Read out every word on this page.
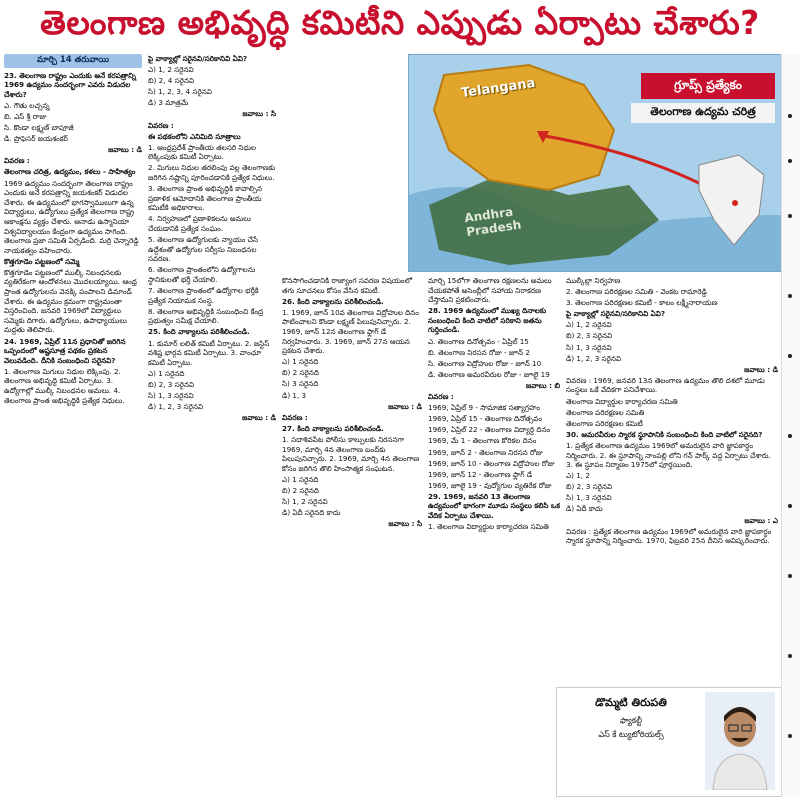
తెలంగాణ అభివృద్ధి కమిటీని ఎప్పుడు ఏర్పాటు చేశారు?
మార్చి 14 తరువాయి

23. తెలంగాణ రాష్ట్రం ఎందుకు అనే కరపత్రాన్ని 1969 ఉద్యమం సందర్భంగా ఎవరు విడుదల చేశారు?

ఎ. గౌతు లచ్చన్న

బి. ఎస్ శ్రీ రాజు

సి. కొండా లక్ష్మణ్ బాపూజీ

డి. ప్రొఫెసర్ జయశంకర్

జవాబు : డి

వివరణ :

తెలంగాణ చరిత్ర, ఉద్యమం, కళలు - సాహిత్యం

1969 ఉద్యమం సందర్భంగా తెలంగాణ రాష్ట్రం ఎందుకు అనే కరపత్రాన్ని జయశంకర్ విడుదల చేశారు. ఈ ఉద్యమంలో భాగస్వాములుగా ఉన్న విద్యార్థులు, ఉద్యోగులు ప్రత్యేక తెలంగాణ రాష్ట్ర ఆకాంక్షను వ్యక్తం చేశారు. ఆనాడు ఉస్మానియా విశ్వవిద్యాలయం కేంద్రంగా ఉద్యమం సాగింది. తెలంగాణ ప్రజా సమితి ఏర్పడింది. మర్రి చెన్నారెడ్డి నాయకత్వం వహించారు.

కొత్తగూడెం పట్టణంలో సమ్మె

కొత్తగూడెం పట్టణంలో ముల్కీ నిబంధనలకు వ్యతిరేకంగా ఆందోళనలు మొదలయ్యాయి. ఆంధ్ర ప్రాంత ఉద్యోగులను వెనక్కి పంపాలని డిమాండ్ చేశారు. ఈ ఉద్యమం క్రమంగా రాష్ట్రమంతా విస్తరించింది. జనవరి 1969లో విద్యార్థులు సమ్మెకు దిగారు. ఉద్యోగులు, ఉపాధ్యాయులు మద్దతు తెలిపారు.

24. 1969, ఏప్రిల్ 11న ప్రధానితో జరిగిన ఒప్పందంలో అష్టసూత్ర పథకం ప్రకటన వెలువడింది. దీనికి సంబంధించి సరైనవి?

1. తెలంగాణ మిగులు నిధుల లెక్కింపు. 2. తెలంగాణ అభివృద్ధి కమిటీ ఏర్పాటు. 3. ఉద్యోగాల్లో ముల్కీ నిబంధనల అమలు. 4. తెలంగాణ ప్రాంత అభివృద్ధికి ప్రత్యేక నిధులు.

పై వాక్యాల్లో సరైనవి/సరికానివి ఏవి?

ఎ) 1, 2 సరైనవి

బి) 2, 4 సరైనవి

సి) 1, 2, 3, 4 సరైనవి

డి) 3 మాత్రమే

జవాబు : సి

వివరణ :

ఈ పథకంలోని ఎనిమిది సూత్రాలు

1. ఆంధ్రప్రదేశ్ ప్రాంతీయ తలసరి నిధుల లెక్కింపుకు కమిటీ ఏర్పాటు.

2. మిగులు నిధుల తరలింపు వల్ల తెలంగాణకు జరిగిన నష్టాన్ని పూరించడానికి ప్రత్యేక నిధులు.

3. తెలంగాణ ప్రాంత అభివృద్ధికి కావాల్సిన ప్రణాళిక ఆమోదానికి తెలంగాణ ప్రాంతీయ కమిటీకి అధికారాలు.

4. నిర్వహణలో ప్రణాళికలను అమలు చేయడానికి ప్రత్యేక సంఘం.

5. తెలంగాణ ఉద్యోగులకు న్యాయం చేసే ఉద్దేశంతో ఉద్యోగుల సర్వీసు నిబంధనల సవరణ.

6. తెలంగాణ ప్రాంతంలోని ఉద్యోగాలను స్థానికులతో భర్తీ చేయాలి.

7. తెలంగాణ ప్రాంతంలో ఉద్యోగాల భర్తీకి ప్రత్యేక నియామక సంస్థ.

8. తెలంగాణ అభివృద్ధికి సంబంధించి కేంద్ర ప్రభుత్వం సమీక్ష చేయాలి.

25. కింది వాక్యాలను పరిశీలించండి.

1. కుమార్ లలిత్ కమిటీ ఏర్పాటు. 2. జస్టిస్ వశిష్ట భార్గవ కమిటీ ఏర్పాటు. 3. వాంఛూ కమిటీ ఏర్పాటు.

ఎ) 1 సరైనది

బి) 2, 3 సరైనవి

సి) 1, 3 సరైనవి

డి) 1, 2, 3 సరైనవి

జవాబు : డి

Telangana
Andhra Pradesh
గ్రూప్స్ ప్రత్యేకం
తెలంగాణ ఉద్యమ చరిత్ర

కొనసాగించడానికి రాజ్యాంగ సవరణ విషయంలో తగు సూచనలు కోసం వేసిన కమిటీ.

26. కింది వాక్యాలను పరిశీలించండి.

1. 1969, జూన్ 10వ తెలంగాణ విద్రోహుల దినం పాటించాలని కొండా లక్ష్మణ్ పిలుపునిచ్చారు. 2. 1969, జూన్ 12న తెలంగాణ ఫ్లాగ్ డే నిర్వహించారు. 3. 1969, జూన్ 27న ఆయన ప్రకటన చేశారు.

ఎ) 1 సరైనది

బి) 2 సరైనది

సి) 3 సరైనది

డి) 1, 3

జవాబు : డి

వివరణ :

27. కింది వాక్యాలను పరిశీలించండి.

1. సదాశివపేట పోలీసు కాల్పులకు నిరసనగా 1969, మార్చి 4న తెలంగాణ బంద్‌కు పిలుపునిచ్చారు. 2. 1969, మార్చి 4న తెలంగాణ కోసం జరిగిన తొలి హింసాత్మక సంఘటన.

ఎ) 1 సరైనది

బి) 2 సరైనది

సి) 1, 2 సరైనవి

డి) ఏదీ సరైనది కాదు

జవాబు : సి

మార్చి 15లోగా తెలంగాణ రక్షణలను అమలు చేయకపోతే అసెంబ్లీలో సహాయ నిరాకరణ చేస్తామని ప్రకటించారు.

28. 1969 ఉద్యమంలో ముఖ్య దినాలకు సంబంధించి కింది వాటిలో సరికాని జతను గుర్తించండి.

ఎ. తెలంగాణ దినోత్సవం - ఏప్రిల్ 15

బి. తెలంగాణ నిరసన రోజు - జూన్ 2

సి. తెలంగాణ విద్రోహుల రోజు - జూన్ 10

డి. తెలంగాణ అమరవీరుల రోజు - జూలై 19

జవాబు : బి

వివరణ :

1969, ఏప్రిల్ 9 - సామాజిక సత్యాగ్రహం

1969, ఏప్రిల్ 15 - తెలంగాణ దినోత్సవం

1969, ఏప్రిల్ 22 - తెలంగాణ విద్యార్థి దినం

1969, మే 1 - తెలంగాణ కోరికల దినం

1969, జూన్ 2 - తెలంగాణ నిరసన రోజు

1969, జూన్ 10 - తెలంగాణ విద్రోహుల రోజు

1969, జూన్ 12 - తెలంగాణ ఫ్లాగ్ డే

1969, జూలై 19 - వుద్యోగుల వ్యతిరేక రోజు

29. 1969, జనవరి 13 తెలంగాణ ఉద్యమంలో భాగంగా మూడు సంస్థలు కలిసి ఒక వేదిక ఏర్పాటు చేశాయి.

1. తెలంగాణ విద్యార్థుల కార్యాచరణ సమితి

ముల్కీల్లా నిర్వహణ

2. తెలంగాణ పరిరక్షణల సమితి - వెంకట రామారెడ్డి

3. తెలంగాణ పరిరక్షణల కమిటీ - కాలం లక్ష్మీనారాయణ

పై వాక్యాల్లో సరైనవి/సరికానివి ఏవి?

ఎ) 1, 2 సరైనవి

బి) 2, 3 సరైనవి

సి) 1, 3 సరైనవి

డి) 1, 2, 3 సరైనవి

జవాబు : డి

వివరణ : 1969, జనవరి 13న తెలంగాణ ఉద్యమం తొలి దశలో మూడు సంస్థలు ఒకే వేదికగా పనిచేశాయి.

తెలంగాణ విద్యార్థుల కార్యాచరణ సమితి

తెలంగాణ పరిరక్షణల సమితి

తెలంగాణ పరిరక్షణల కమిటీ

30. ఆమరవీరుల స్మారక స్థూపానికి సంబంధించి కింది వాటిలో సరైనది?

1. ప్రత్యేక తెలంగాణ ఉద్యమం 1969లో అమరులైన వారి జ్ఞాపకార్థం నిర్మించారు. 2. ఈ స్థూపాన్ని నాంపల్లి లోని గన్ పార్క్ వద్ద ఏర్పాటు చేశారు. 3. ఈ స్థూపం నిర్మాణం 1975లో పూర్తయింది.

ఎ) 1, 2

బి) 2, 3 సరైనవి

సి) 1, 3 సరైనవి

డి) ఏదీ కాదు

జవాబు : ఎ

వివరణ : ప్రత్యేక తెలంగాణ ఉద్యమం 1969లో అమరులైన వారి జ్ఞాపకార్థం స్మారక స్థూపాన్ని నిర్మించారు. 1970, ఫిబ్రవరి 25న దీనిని ఆవిష్కరించారు.

డొమ్మటి తిరుపతి
ఫ్యాకల్టీ
ఎస్ కే ట్యుటోరియల్స్
